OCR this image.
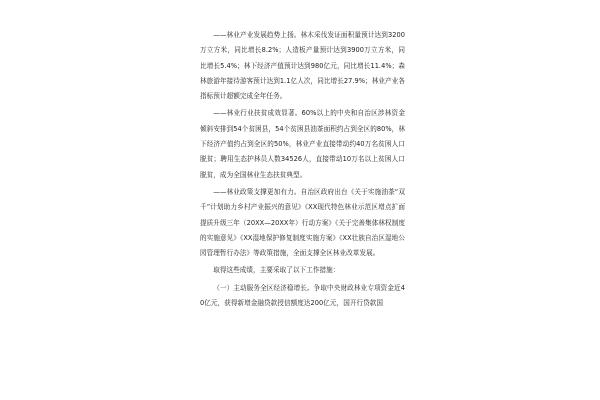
——林业产业发展趋势上扬。林木采伐发证面积量预计达到3200万立方米，同比增长8.2%；人造板产量预计达到3900万立方米，同比增长5.4%；林下经济产值预计达到980亿元，同比增长11.4%；森林旅游年接待游客预计达到1.1亿人次，同比增长27.9%；林业产业各指标预计超额完成全年任务。

——林业行业扶贫成效显著。60%以上的中央和自治区涉林资金倾斜安排到54个贫困县，54个贫困县油茶面积约占到全区的80%，林下经济产值约占到全区的50%，林业产业直接带动约40万名贫困人口脱贫；聘用生态护林员人数34526人，直接带动10万名以上贫困人口脱贫，成为全国林业生态扶贫典型。

——林业政策支撑更加有力。自治区政府出台《关于实施油茶“双千”计划助力乡村产业振兴的意见》《XX现代特色林业示范区增点扩面提质升级三年（20XX—20XX年）行动方案》《关于完善集体林权制度的实施意见》《XX湿地保护修复制度实施方案》《XX壮族自治区湿地公园管理暂行办法》等政策措施，全面支撑全区林业改革发展。

取得这些成绩，主要采取了以下工作措施：

（一）主动服务全区经济稳增长。争取中央财政林业专项资金近40亿元，获得新增金融贷款授信额度达200亿元，国开行贷款国
